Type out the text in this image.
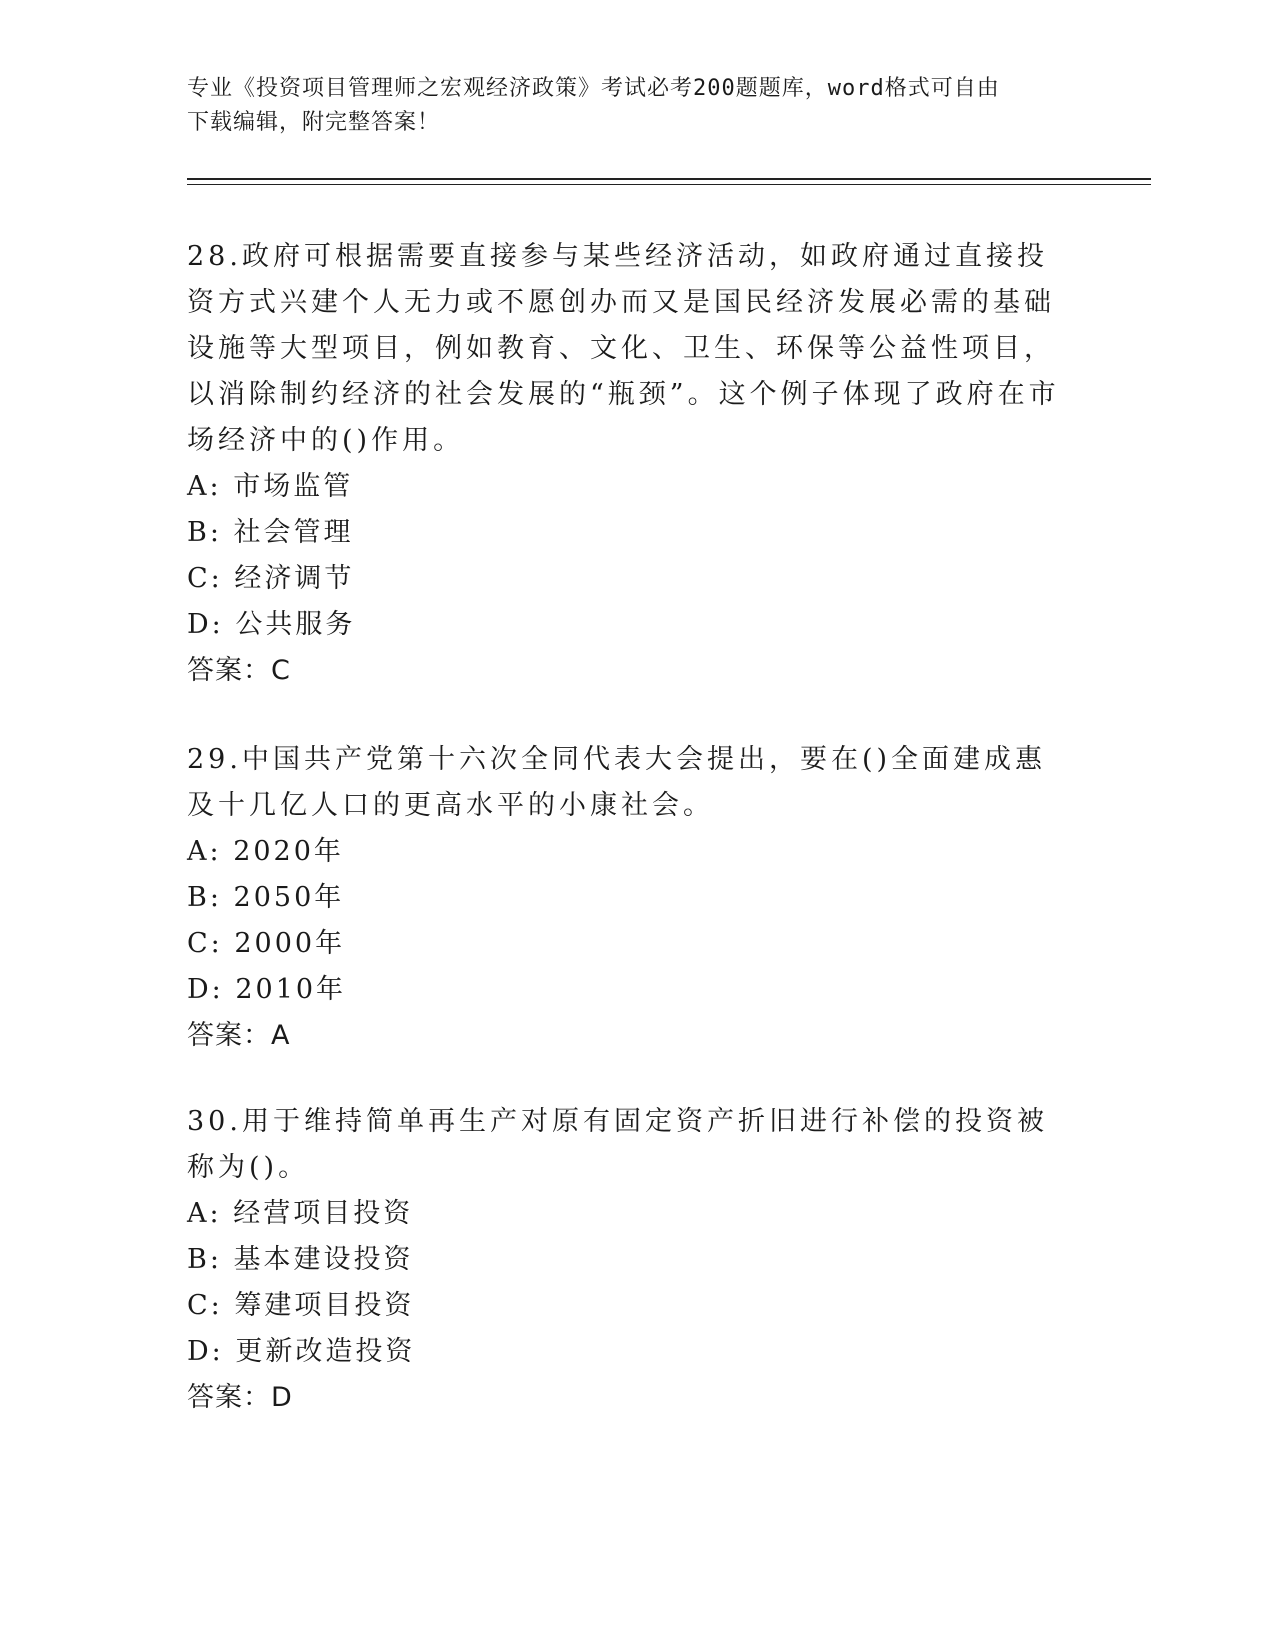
专业《投资项目管理师之宏观经济政策》考试必考200题题库，word格式可自由
下载编辑，附完整答案！

28.政府可根据需要直接参与某些经济活动，如政府通过直接投资方式兴建个人无力或不愿创办而又是国民经济发展必需的基础设施等大型项目，例如教育、文化、卫生、环保等公益性项目，以消除制约经济的社会发展的“瓶颈”。这个例子体现了政府在市场经济中的()作用。

A: 市场监管

B: 社会管理

C: 经济调节

D: 公共服务

答案：C

29.中国共产党第十六次全同代表大会提出，要在()全面建成惠及十几亿人口的更高水平的小康社会。

A: 2020年

B: 2050年

C: 2000年

D: 2010年

答案：A

30.用于维持简单再生产对原有固定资产折旧进行补偿的投资被称为()。

A: 经营项目投资

B: 基本建设投资

C: 筹建项目投资

D: 更新改造投资

答案：D
